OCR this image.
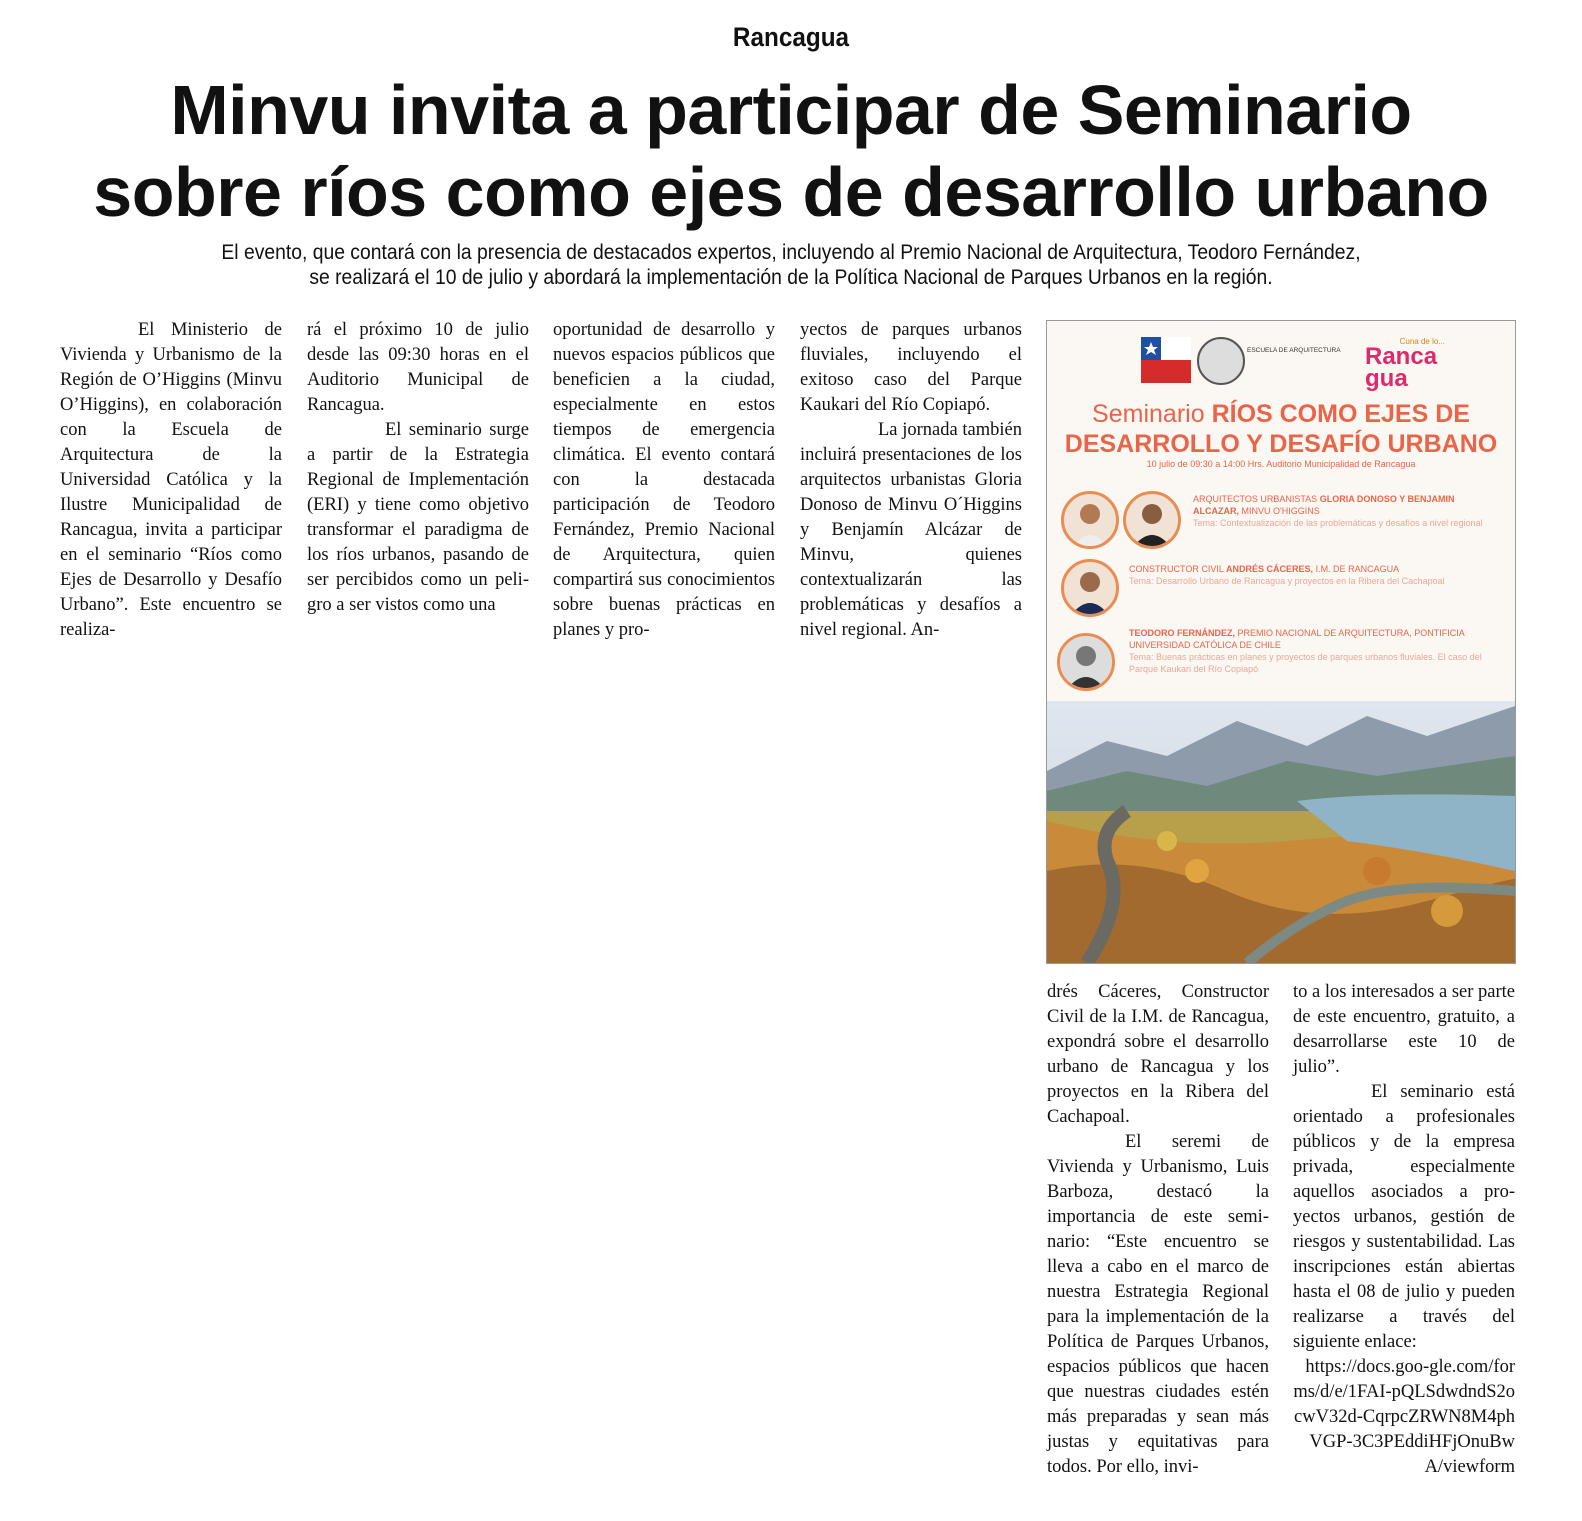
Rancagua
Minvu invita a participar de Seminario
sobre ríos como ejes de desarrollo urbano
El evento, que contará con la presencia de destacados expertos, incluyendo al Premio Nacional de Arquitectura, Teodoro Fernández,
se realizará el 10 de julio y abordará la implementación de la Política Nacional de Parques Urbanos en la región.

El Ministerio de Vivienda y Urbanismo de la Región de O’Higgins (Minvu O’Higgins), en colaboración con la Escuela de Arquitectura de la Universidad Católica y la Ilustre Municipalidad de Rancagua, invita a participar en el seminario “Ríos como Ejes de Desarrollo y Desafío Urbano”. Este encuentro se realiza-

rá el próximo 10 de julio desde las 09:30 horas en el Auditorio Municipal de Rancagua.

El seminario surge a partir de la Estrategia Regional de Implementación (ERI) y tiene como objetivo transformar el paradigma de los ríos urbanos, pasando de ser percibidos como un peligro a ser vistos como una

oportunidad de desarrollo y nuevos espacios públicos que beneficien a la ciudad, especialmente en estos tiempos de emergencia climática. El evento contará con la destacada participación de Teodoro Fernández, Premio Nacional de Arquitectura, quien compartirá sus conocimientos sobre buenas prácticas en planes y pro-

yectos de parques urbanos fluviales, incluyendo el exitoso caso del Parque Kaukari del Río Copiapó.

La jornada también incluirá presentaciones de los arquitectos urbanistas Gloria Donoso de Minvu O´Higgins y Benjamín Alcázar de Minvu, quienes contextualizarán las problemáticas y desafíos a nivel regional. An-

ESCUELA DE ARQUITECTURA
Cuna de lo...
Ranca gua
Seminario RÍOS COMO EJES DE
DESARROLLO Y DESAFÍO URBANO
10 julio de 09:30 a 14:00 Hrs. Auditorio Municipalidad de Rancagua
ARQUITECTOS URBANISTAS GLORIA DONOSO Y BENJAMIN ALCAZAR, MINVU O'HIGGINS
Tema: Contextualización de las problemáticas y desafíos a nivel regional
CONSTRUCTOR CIVIL ANDRÉS CÁCERES, I.M. DE RANCAGUA
Tema: Desarrollo Urbano de Rancagua y proyectos en la Ribera del Cachapoal
TEODORO FERNÁNDEZ, PREMIO NACIONAL DE ARQUITECTURA, PONTIFICIA UNIVERSIDAD CATÓLICA DE CHILE
Tema: Buenas prácticas en planes y proyectos de parques urbanos fluviales. El caso del Parque Kaukari del Río Copiapó

drés Cáceres, Constructor Civil de la I.M. de Rancagua, expondrá sobre el desarrollo urbano de Rancagua y los proyectos en la Ribera del Cachapoal.

El seremi de Vivienda y Urbanismo, Luis Barboza, destacó la importancia de este seminario: “Este encuentro se lleva a cabo en el marco de nuestra Estrategia Regional para la implementación de la Política de Parques Urbanos, espacios públicos que hacen que nuestras ciudades estén más preparadas y sean más justas y equitativas para todos. Por ello, invi-

to a los interesados a ser parte de este encuentro, gratuito, a desarrollarse este 10 de julio”.

El seminario está orientado a profesionales públicos y de la empresa privada, especialmente aquellos asociados a proyectos urbanos, gestión de riesgos y sustentabilidad. Las inscripciones están abiertas hasta el 08 de julio y pueden realizarse a través del siguiente enlace:

https://docs.goo-gle.com/forms/d/e/1FAI-pQLSdwdndS2ocwV32d-CqrpcZRWN8M4phVGP-3C3PEddiHFjOnuBwA/viewform
